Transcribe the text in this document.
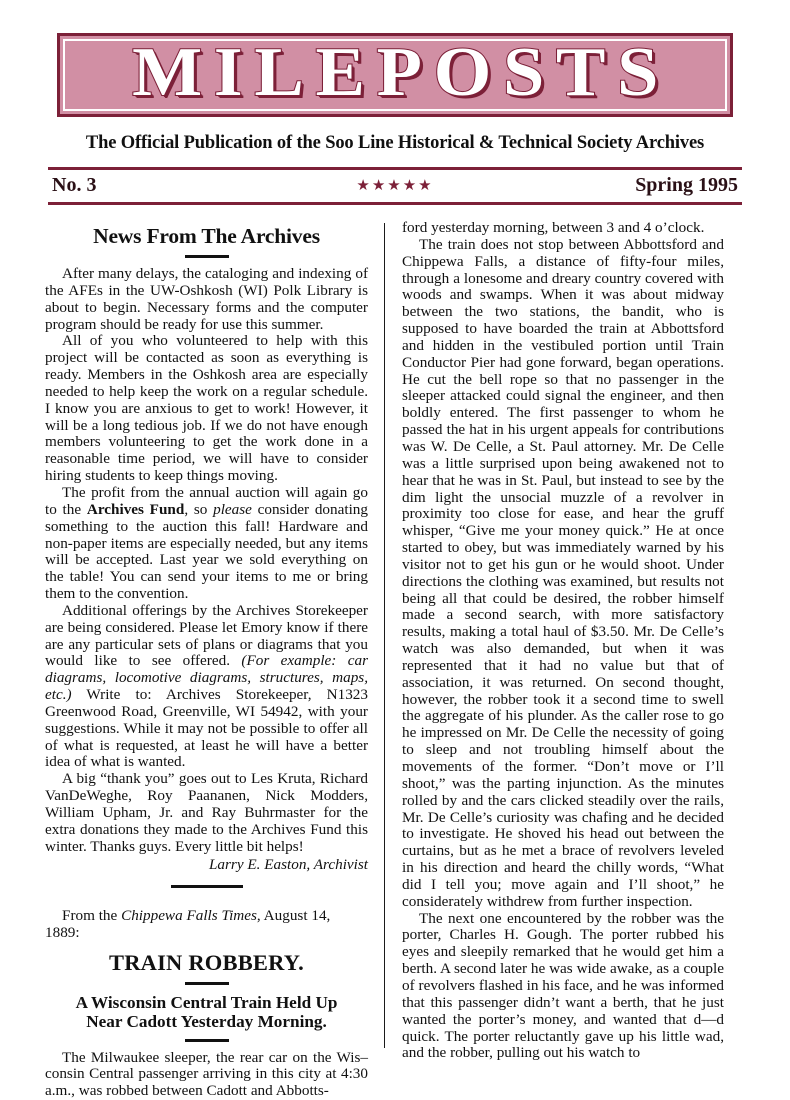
MILEPOSTS
The Official Publication of the Soo Line Historical & Technical Society Archives
No. 3	★★★★★	Spring 1995
News From The Archives

After many delays, the cataloging and indexing of the AFEs in the UW-Oshkosh (WI) Polk Library is about to begin. Necessary forms and the computer program should be ready for use this summer.

All of you who volunteered to help with this project will be contacted as soon as everything is ready. Members in the Oshkosh area are especially needed to help keep the work on a regular schedule. I know you are anxious to get to work! However, it will be a long tedious job. If we do not have enough members volunteering to get the work done in a reasonable time period, we will have to consider hiring students to keep things moving.

The profit from the annual auction will again go to the Archives Fund, so please consider donating something to the auction this fall! Hardware and non-paper items are especially needed, but any items will be accepted. Last year we sold everything on the table! You can send your items to me or bring them to the convention.

Additional offerings by the Archives Storekeeper are being considered. Please let Emory know if there are any particular sets of plans or diagrams that you would like to see offered. (For example: car diagrams, locomotive diagrams, structures, maps, etc.) Write to: Archives Storekeeper, N1323 Greenwood Road, Greenville, WI 54942, with your suggestions. While it may not be possible to offer all of what is requested, at least he will have a better idea of what is wanted.

A big “thank you” goes out to Les Kruta, Richard VanDeWeghe, Roy Paananen, Nick Modders, William Upham, Jr. and Ray Buhrmaster for the extra donations they made to the Archives Fund this winter. Thanks guys. Every little bit helps!

Larry E. Easton, Archivist

From the Chippewa Falls Times, August 14, 1889:

TRAIN ROBBERY.
A Wisconsin Central Train Held Up
Near Cadott Yesterday Morning.

The Milwaukee sleeper, the rear car on the Wis–consin Central passenger arriving in this city at 4:30 a.m., was robbed between Cadott and Abbotts-

ford yesterday morning, between 3 and 4 o’clock.

The train does not stop between Abbottsford and Chippewa Falls, a distance of fifty-four miles, through a lonesome and dreary country covered with woods and swamps. When it was about midway between the two stations, the bandit, who is supposed to have boarded the train at Abbottsford and hidden in the vestibuled portion until Train Conductor Pier had gone forward, began operations. He cut the bell rope so that no passenger in the sleeper attacked could signal the engineer, and then boldly entered. The first passenger to whom he passed the hat in his urgent appeals for contributions was W. De Celle, a St. Paul attorney. Mr. De Celle was a little surprised upon being awakened not to hear that he was in St. Paul, but instead to see by the dim light the unsocial muzzle of a revolver in proximity too close for ease, and hear the gruff whisper, “Give me your money quick.” He at once started to obey, but was immediately warned by his visitor not to get his gun or he would shoot. Under directions the clothing was examined, but results not being all that could be desired, the robber himself made a second search, with more satisfactory results, making a total haul of $3.50. Mr. De Celle’s watch was also demanded, but when it was represented that it had no value but that of association, it was returned. On second thought, however, the robber took it a second time to swell the aggregate of his plunder. As the caller rose to go he impressed on Mr. De Celle the necessity of going to sleep and not troubling himself about the movements of the former. “Don’t move or I’ll shoot,” was the parting injunction. As the minutes rolled by and the cars clicked steadily over the rails, Mr. De Celle’s curiosity was chafing and he decided to investigate. He shoved his head out between the curtains, but as he met a brace of revolvers leveled in his direction and heard the chilly words, “What did I tell you; move again and I’ll shoot,” he considerately withdrew from further inspection.

The next one encountered by the robber was the porter, Charles H. Gough. The porter rubbed his eyes and sleepily remarked that he would get him a berth. A second later he was wide awake, as a couple of revolvers flashed in his face, and he was informed that this passenger didn’t want a berth, that he just wanted the porter’s money, and wanted that d—d quick. The porter reluctantly gave up his little wad, and the robber, pulling out his watch to
